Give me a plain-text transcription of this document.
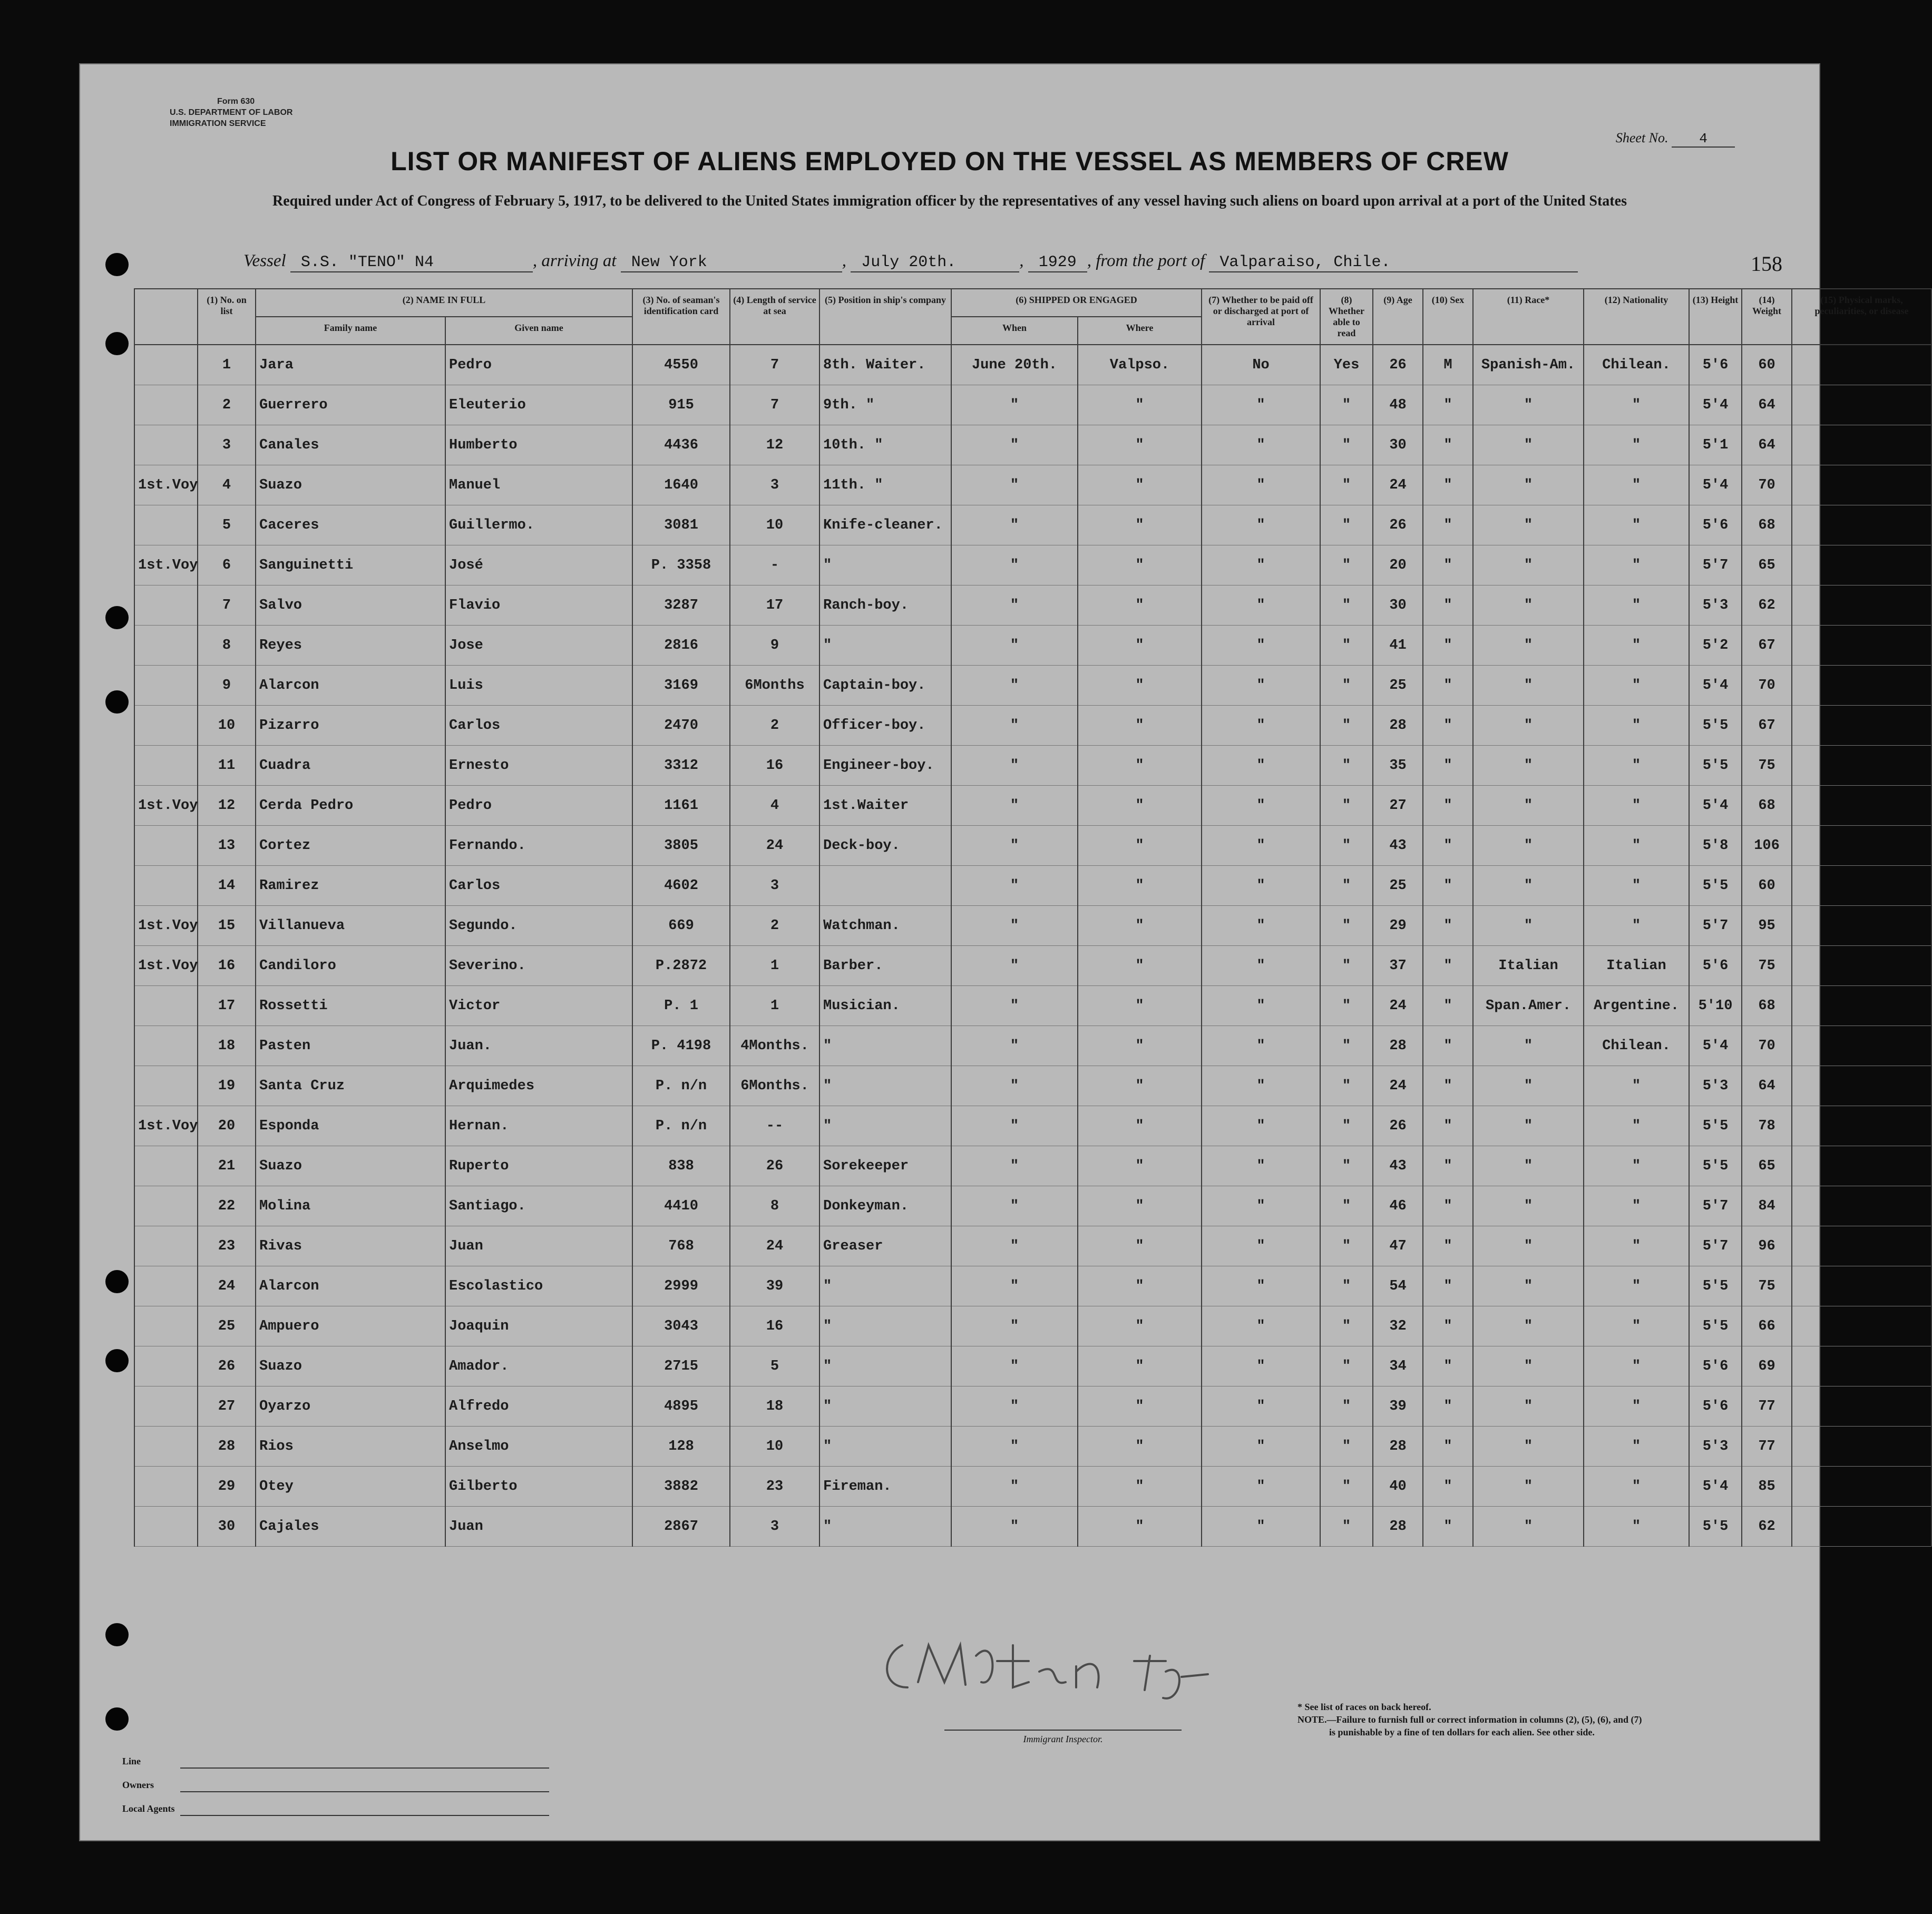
Form 630
U.S. DEPARTMENT OF LABOR
IMMIGRATION SERVICE
Sheet No. 4
LIST OR MANIFEST OF ALIENS EMPLOYED ON THE VESSEL AS MEMBERS OF CREW
Required under Act of Congress of February 5, 1917, to be delivered to the United States immigration officer by the representatives of any vessel having such aliens on board upon arrival at a port of the United States
Vessel S.S. "TENO" N4	, arriving at New York	, July 20th.	, 1929 , from the port of Valparaiso, Chile.	158
	(1) No. on list	(2) NAME IN FULL		(3) No. of seaman's identification card	(4) Length of service at sea	(5) Position in ship's company	(6) SHIPPED OR ENGAGED		(7) Whether to be paid off or discharged at port of arrival	(8) Whether able to read	(9) Age	(10) Sex	(11) Race*	(12) Nationality	(13) Height	(14) Weight	(15) Physical marks, peculiarities, or disease
		Family name	Given name				When	Where									
	1	Jara	Pedro	4550	7	8th. Waiter.	June 20th.	Valpso.	No	Yes	26	M	Spanish-Am.	Chilean.	5'6	60	
	2	Guerrero	Eleuterio	915	7	9th. "	"	"	"	"	48	"	"	"	5'4	64	
	3	Canales	Humberto	4436	12	10th. "	"	"	"	"	30	"	"	"	5'1	64	
1st.Voy	4	Suazo	Manuel	1640	3	11th. "	"	"	"	"	24	"	"	"	5'4	70	
	5	Caceres	Guillermo.	3081	10	Knife-cleaner.	"	"	"	"	26	"	"	"	5'6	68	
1st.Voy	6	Sanguinetti	José	P. 3358	-	"	"	"	"	"	20	"	"	"	5'7	65	
	7	Salvo	Flavio	3287	17	Ranch-boy.	"	"	"	"	30	"	"	"	5'3	62	
	8	Reyes	Jose	2816	9	"	"	"	"	"	41	"	"	"	5'2	67	
	9	Alarcon	Luis	3169	6Months	Captain-boy.	"	"	"	"	25	"	"	"	5'4	70	
	10	Pizarro	Carlos	2470	2	Officer-boy.	"	"	"	"	28	"	"	"	5'5	67	
	11	Cuadra	Ernesto	3312	16	Engineer-boy.	"	"	"	"	35	"	"	"	5'5	75	
1st.Voy	12	Cerda Pedro	Pedro	1161	4	1st.Waiter	"	"	"	"	27	"	"	"	5'4	68	
	13	Cortez	Fernando.	3805	24	Deck-boy.	"	"	"	"	43	"	"	"	5'8	106	
	14	Ramirez	Carlos	4602	3		"	"	"	"	25	"	"	"	5'5	60	
1st.Voy	15	Villanueva	Segundo.	669	2	Watchman.	"	"	"	"	29	"	"	"	5'7	95	
1st.Voy	16	Candiloro	Severino.	P.2872	1	Barber.	"	"	"	"	37	"	Italian	Italian	5'6	75	
	17	Rossetti	Victor	P. 1	1	Musician.	"	"	"	"	24	"	Span.Amer.	Argentine.	5'10	68	
	18	Pasten	Juan.	P. 4198	4Months.	"	"	"	"	"	28	"	"	Chilean.	5'4	70	
	19	Santa Cruz	Arquimedes	P. n/n	6Months.	"	"	"	"	"	24	"	"	"	5'3	64	
1st.Voy	20	Esponda	Hernan.	P. n/n	--	"	"	"	"	"	26	"	"	"	5'5	78	
	21	Suazo	Ruperto	838	26	Sorekeeper	"	"	"	"	43	"	"	"	5'5	65	
	22	Molina	Santiago.	4410	8	Donkeyman.	"	"	"	"	46	"	"	"	5'7	84	
	23	Rivas	Juan	768	24	Greaser	"	"	"	"	47	"	"	"	5'7	96	
	24	Alarcon	Escolastico	2999	39	"	"	"	"	"	54	"	"	"	5'5	75	
	25	Ampuero	Joaquin	3043	16	"	"	"	"	"	32	"	"	"	5'5	66	
	26	Suazo	Amador.	2715	5	"	"	"	"	"	34	"	"	"	5'6	69	
	27	Oyarzo	Alfredo	4895	18	"	"	"	"	"	39	"	"	"	5'6	77	
	28	Rios	Anselmo	128	10	"	"	"	"	"	28	"	"	"	5'3	77	
	29	Otey	Gilberto	3882	23	Fireman.	"	"	"	"	40	"	"	"	5'4	85	
	30	Cajales	Juan	2867	3	"	"	"	"	"	28	"	"	"	5'5	62	
Line
Owners
Local Agents
Immigrant Inspector.
* See list of races on back hereof.
NOTE.—Failure to furnish full or correct information in columns (2), (5), (6), and (7)
is punishable by a fine of ten dollars for each alien. See other side.
